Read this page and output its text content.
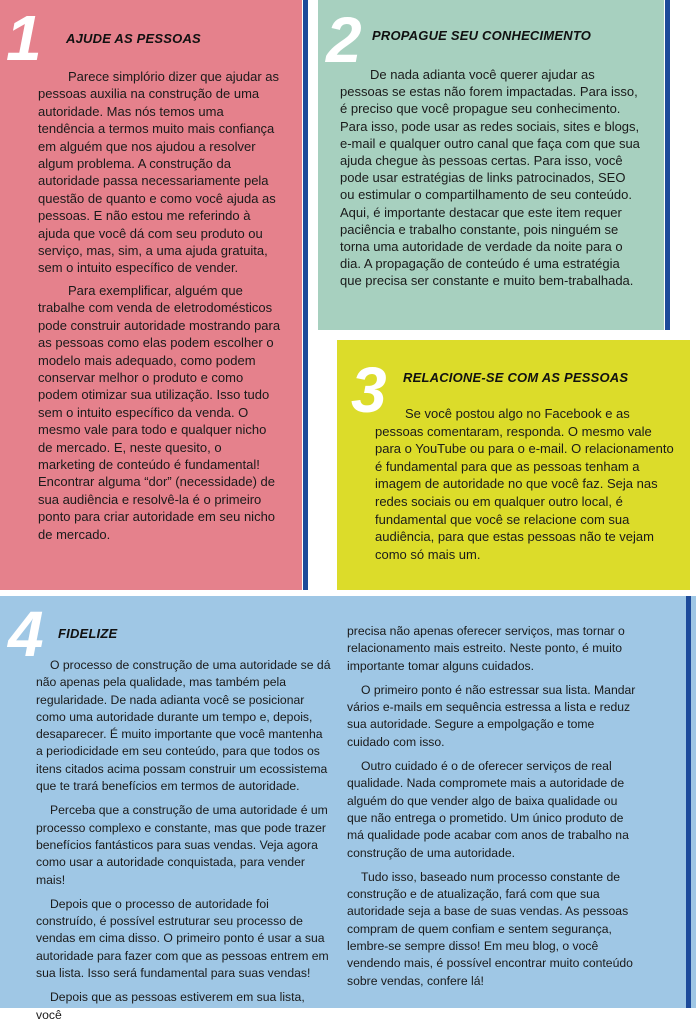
1 AJUDE AS PESSOAS

Parece simplório dizer que ajudar as pessoas auxilia na construção de uma autoridade. Mas nós temos uma tendência a termos muito mais confiança em alguém que nos ajudou a resolver algum problema. A construção da autoridade passa necessariamente pela questão de quanto e como você ajuda as pessoas. E não estou me referindo à ajuda que você dá com seu produto ou serviço, mas, sim, a uma ajuda gratuita, sem o intuito específico de vender.

Para exemplificar, alguém que trabalhe com venda de eletrodomésticos pode construir autoridade mostrando para as pessoas como elas podem escolher o modelo mais adequado, como podem conservar melhor o produto e como podem otimizar sua utilização. Isso tudo sem o intuito específico da venda. O mesmo vale para todo e qualquer nicho de mercado. E, neste quesito, o marketing de conteúdo é fundamental! Encontrar alguma “dor” (necessidade) de sua audiência e resolvê-la é o primeiro ponto para criar autoridade em seu nicho de mercado.

2 PROPAGUE SEU CONHECIMENTO

De nada adianta você querer ajudar as pessoas se estas não forem impactadas. Para isso, é preciso que você propague seu conhecimento. Para isso, pode usar as redes sociais, sites e blogs, e-mail e qualquer outro canal que faça com que sua ajuda chegue às pessoas certas. Para isso, você pode usar estratégias de links patrocinados, SEO ou estimular o compartilhamento de seu conteúdo. Aqui, é importante destacar que este item requer paciência e trabalho constante, pois ninguém se torna uma autoridade de verdade da noite para o dia. A propagação de conteúdo é uma estratégia que precisa ser constante e muito bem-trabalhada.

3 RELACIONE-SE COM AS PESSOAS

Se você postou algo no Facebook e as pessoas comentaram, responda. O mesmo vale para o YouTube ou para o e-mail. O relacionamento é fundamental para que as pessoas tenham a imagem de autoridade no que você faz. Seja nas redes sociais ou em qualquer outro local, é fundamental que você se relacione com sua audiência, para que estas pessoas não te vejam como só mais um.

4 FIDELIZE

O processo de construção de uma autoridade se dá não apenas pela qualidade, mas também pela regularidade. De nada adianta você se posicionar como uma autoridade durante um tempo e, depois, desaparecer. É muito importante que você mantenha a periodicidade em seu conteúdo, para que todos os itens citados acima possam construir um ecossistema que te trará benefícios em termos de autoridade.

Perceba que a construção de uma autoridade é um processo complexo e constante, mas que pode trazer benefícios fantásticos para suas vendas. Veja agora como usar a autoridade conquistada, para vender mais!

Depois que o processo de autoridade foi construído, é possível estruturar seu processo de vendas em cima disso. O primeiro ponto é usar a sua autoridade para fazer com que as pessoas entrem em sua lista. Isso será fundamental para suas vendas!

Depois que as pessoas estiverem em sua lista, você

precisa não apenas oferecer serviços, mas tornar o relacionamento mais estreito. Neste ponto, é muito importante tomar alguns cuidados.

O primeiro ponto é não estressar sua lista. Mandar vários e-mails em sequência estressa a lista e reduz sua autoridade. Segure a empolgação e tome cuidado com isso.

Outro cuidado é o de oferecer serviços de real qualidade. Nada compromete mais a autoridade de alguém do que vender algo de baixa qualidade ou que não entrega o prometido. Um único produto de má qualidade pode acabar com anos de trabalho na construção de uma autoridade.

Tudo isso, baseado num processo constante de construção e de atualização, fará com que sua autoridade seja a base de suas vendas. As pessoas compram de quem confiam e sentem segurança, lembre-se sempre disso! Em meu blog, o você vendendo mais, é possível encontrar muito conteúdo sobre vendas, confere lá!
